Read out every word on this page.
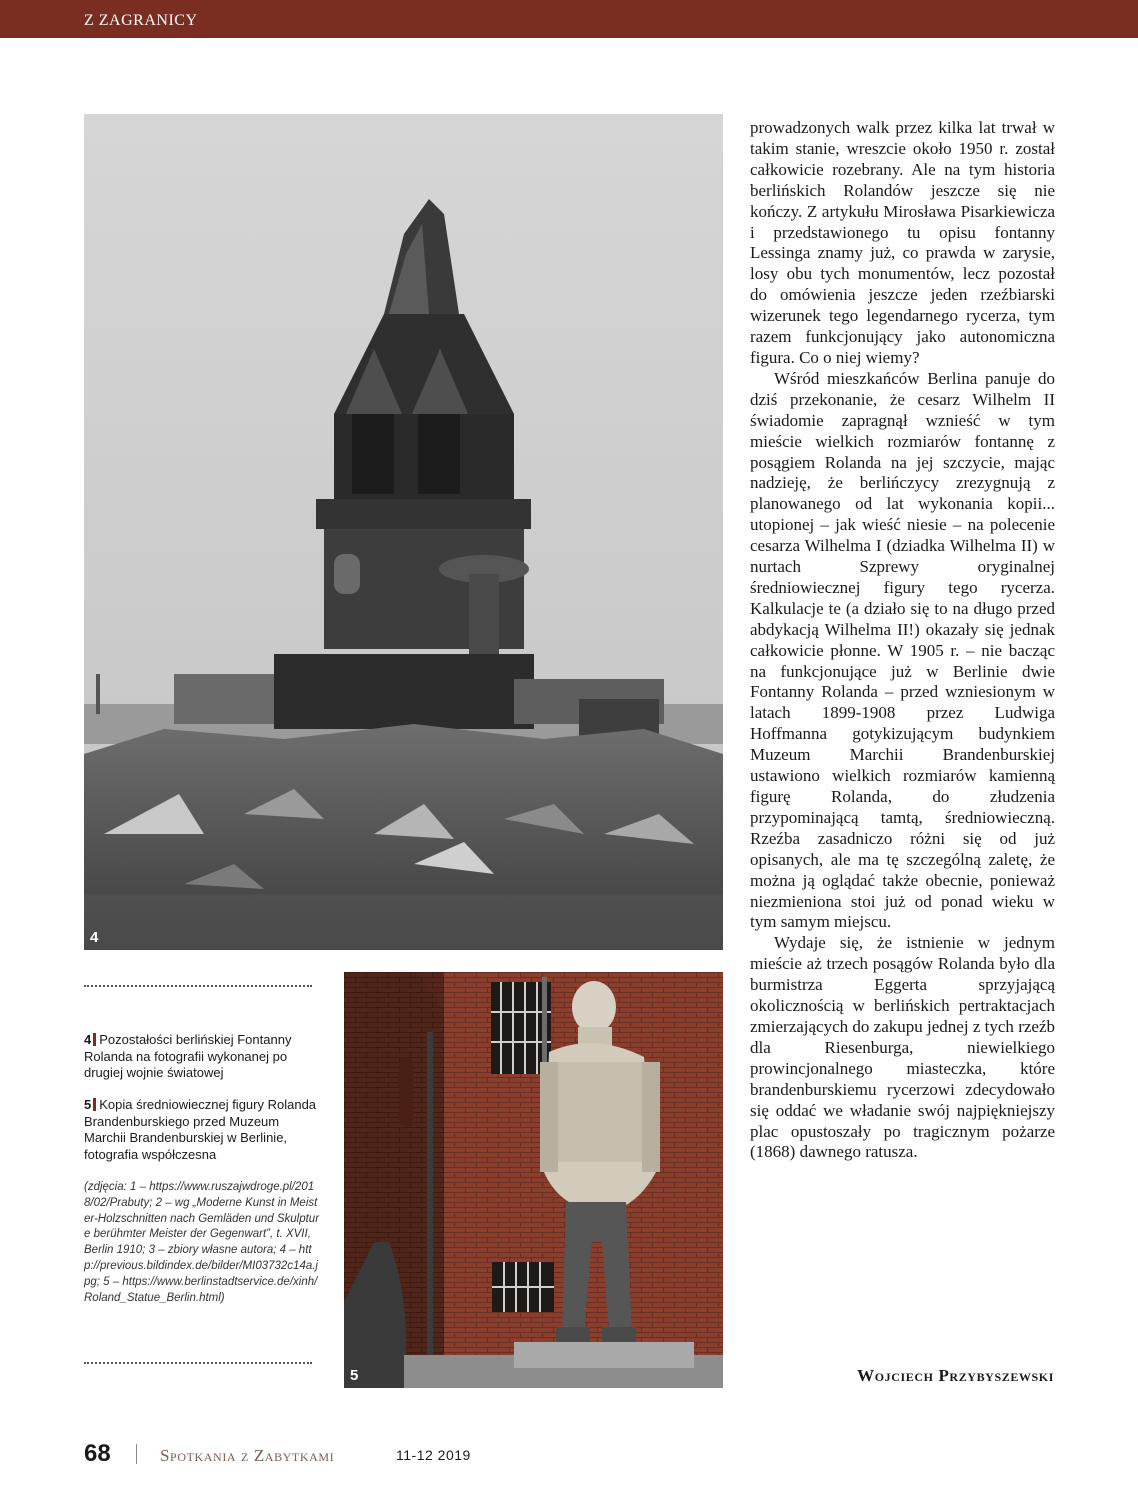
Z ZAGRANICY
4
4 Pozostałości berlińskiej Fontanny Rolanda na fotografii wykonanej po drugiej wojnie światowej
5 Kopia średniowiecznej figury Rolanda Brandenburskiego przed Muzeum Marchii Brandenburskiej w Berlinie, fotografia współczesna
(zdjęcia: 1 – https://www.ruszajwdroge.pl/2018/02/Prabuty; 2 – wg „Moderne Kunst in Meister-Holzschnitten nach Gemläden und Skulpture berühmter Meister der Gegenwart”, t. XVII, Berlin 1910; 3 – zbiory własne autora; 4 – http://previous.bildindex.de/bilder/MI03732c14a.jpg; 5 – https://www.berlinstadtservice.de/xinh/Roland_Statue_Berlin.html)
5

prowadzonych walk przez kilka lat trwał w takim stanie, wreszcie około 1950 r. został całkowicie rozebrany. Ale na tym historia berlińskich Rolandów jeszcze się nie kończy. Z artykułu Mirosława Pisarkiewicza i przedstawionego tu opisu fontanny Lessinga znamy już, co prawda w zarysie, losy obu tych monumentów, lecz pozostał do omówienia jeszcze jeden rzeźbiarski wizerunek tego legendarnego rycerza, tym razem funkcjonujący jako autonomiczna figura. Co o niej wiemy?

Wśród mieszkańców Berlina panuje do dziś przekonanie, że cesarz Wilhelm II świadomie zapragnął wznieść w tym mieście wielkich rozmiarów fontannę z posągiem Rolanda na jej szczycie, mając nadzieję, że berlińczycy zrezygnują z planowanego od lat wykonania kopii... utopionej – jak wieść niesie – na polecenie cesarza Wilhelma I (dziadka Wilhelma II) w nurtach Szprewy oryginalnej średniowiecznej figury tego rycerza. Kalkulacje te (a działo się to na długo przed abdykacją Wilhelma II!) okazały się jednak całkowicie płonne. W 1905 r. – nie bacząc na funkcjonujące już w Berlinie dwie Fontanny Rolanda – przed wzniesionym w latach 1899-1908 przez Ludwiga Hoffmanna gotykizującym budynkiem Muzeum Marchii Brandenburskiej ustawiono wielkich rozmiarów kamienną figurę Rolanda, do złudzenia przypominającą tamtą, średniowieczną. Rzeźba zasadniczo różni się od już opisanych, ale ma tę szczególną zaletę, że można ją oglądać także obecnie, ponieważ niezmieniona stoi już od ponad wieku w tym samym miejscu.

Wydaje się, że istnienie w jednym mieście aż trzech posągów Rolanda było dla burmistrza Eggerta sprzyjającą okolicznością w berlińskich pertraktacjach zmierzających do zakupu jednej z tych rzeźb dla Riesenburga, niewielkiego prowincjonalnego miasteczka, które brandenburskiemu rycerzowi zdecydowało się oddać we władanie swój najpiękniejszy plac opustoszały po tragicznym pożarze (1868) dawnego ratusza.

Wojciech Przybyszewski
68	Spotkania z Zabytkami	11-12 2019
